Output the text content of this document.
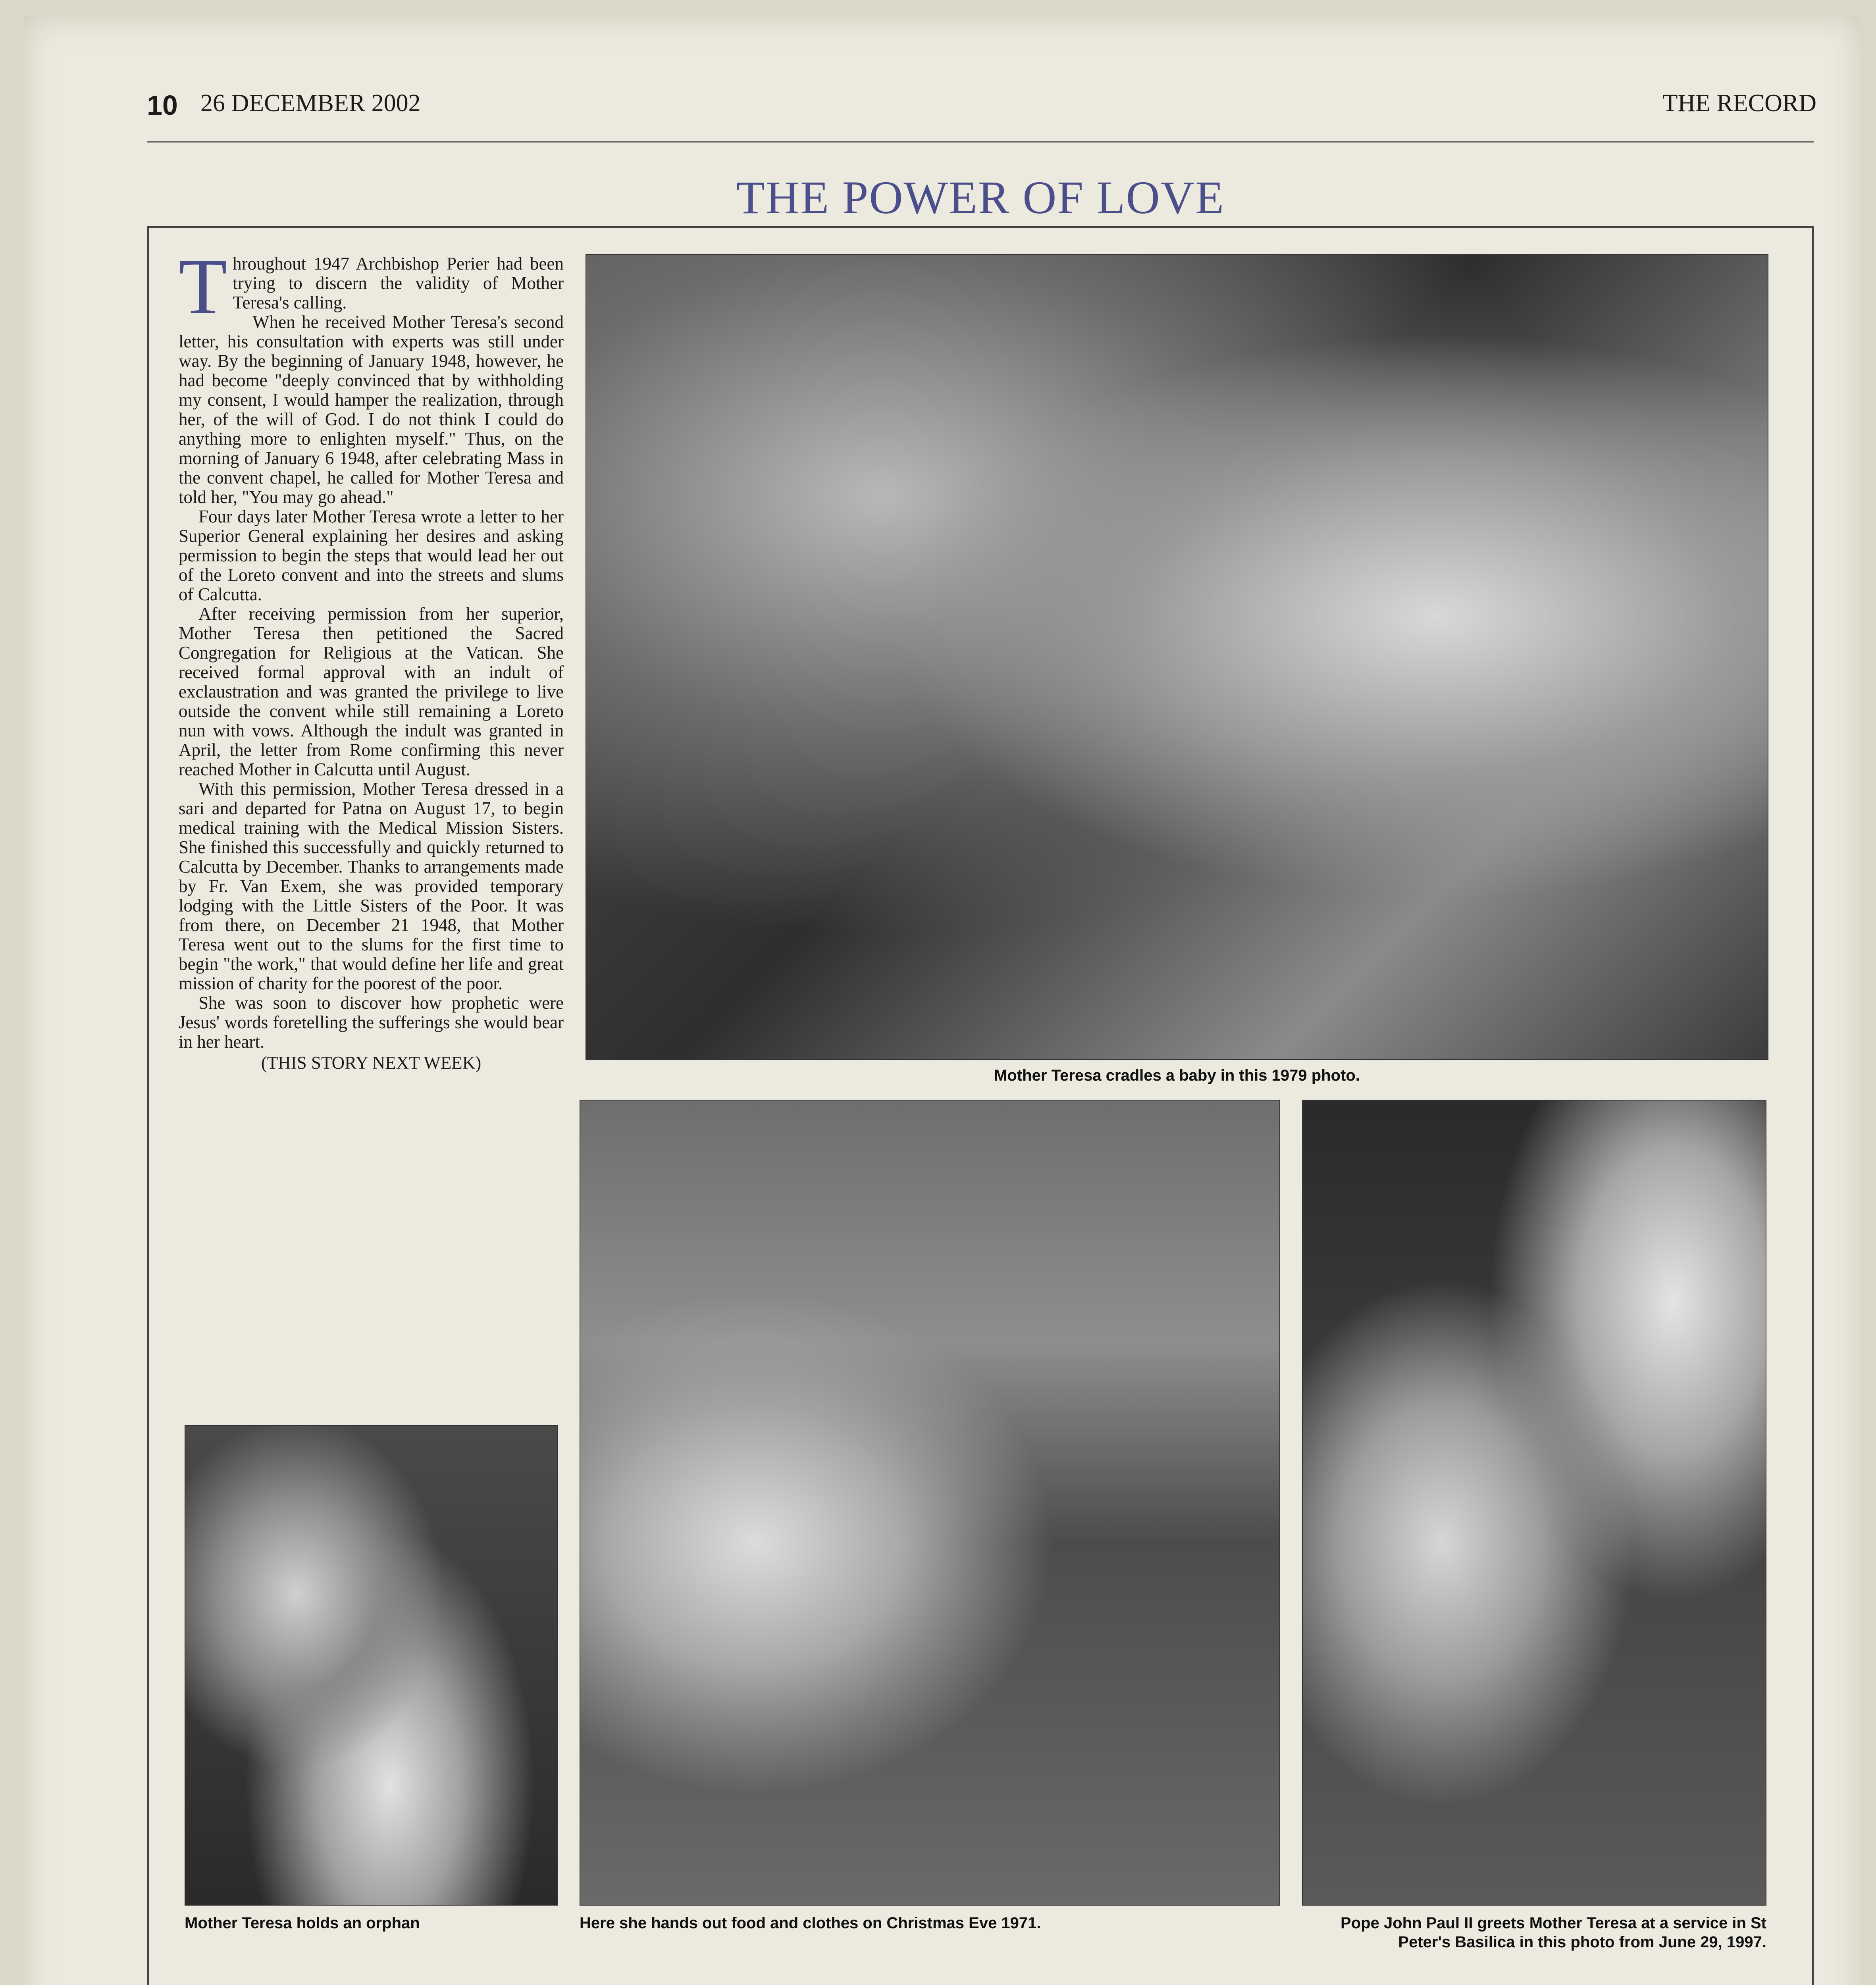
10 26 DECEMBER 2002	THE RECORD
THE POWER OF LOVE

Throughout 1947 Archbishop Perier had been trying to discern the validity of Mother Teresa's calling.

When he received Mother Teresa's second letter, his consultation with experts was still under way. By the beginning of January 1948, however, he had become "deeply convinced that by withholding my consent, I would hamper the realization, through her, of the will of God. I do not think I could do anything more to enlighten myself." Thus, on the morning of January 6 1948, after celebrating Mass in the convent chapel, he called for Mother Teresa and told her, "You may go ahead."

Four days later Mother Teresa wrote a letter to her Superior General explaining her desires and asking permission to begin the steps that would lead her out of the Loreto convent and into the streets and slums of Calcutta.

After receiving permission from her superior, Mother Teresa then petitioned the Sacred Congregation for Religious at the Vatican. She received formal approval with an indult of exclaustration and was granted the privilege to live outside the convent while still remaining a Loreto nun with vows. Although the indult was granted in April, the letter from Rome confirming this never reached Mother in Calcutta until August.

With this permission, Mother Teresa dressed in a sari and departed for Patna on August 17, to begin medical training with the Medical Mission Sisters. She finished this successfully and quickly returned to Calcutta by December. Thanks to arrangements made by Fr. Van Exem, she was provided temporary lodging with the Little Sisters of the Poor. It was from there, on December 21 1948, that Mother Teresa went out to the slums for the first time to begin "the work," that would define her life and great mission of charity for the poorest of the poor.

She was soon to discover how prophetic were Jesus' words foretelling the sufferings she would bear in her heart.

(THIS STORY NEXT WEEK)

Mother Teresa cradles a baby in this 1979 photo.
Mother Teresa holds an orphan	Here she hands out food and clothes on Christmas Eve 1971.	Pope John Paul II greets Mother Teresa at a service in St Peter's Basilica in this photo from June 29, 1997.
